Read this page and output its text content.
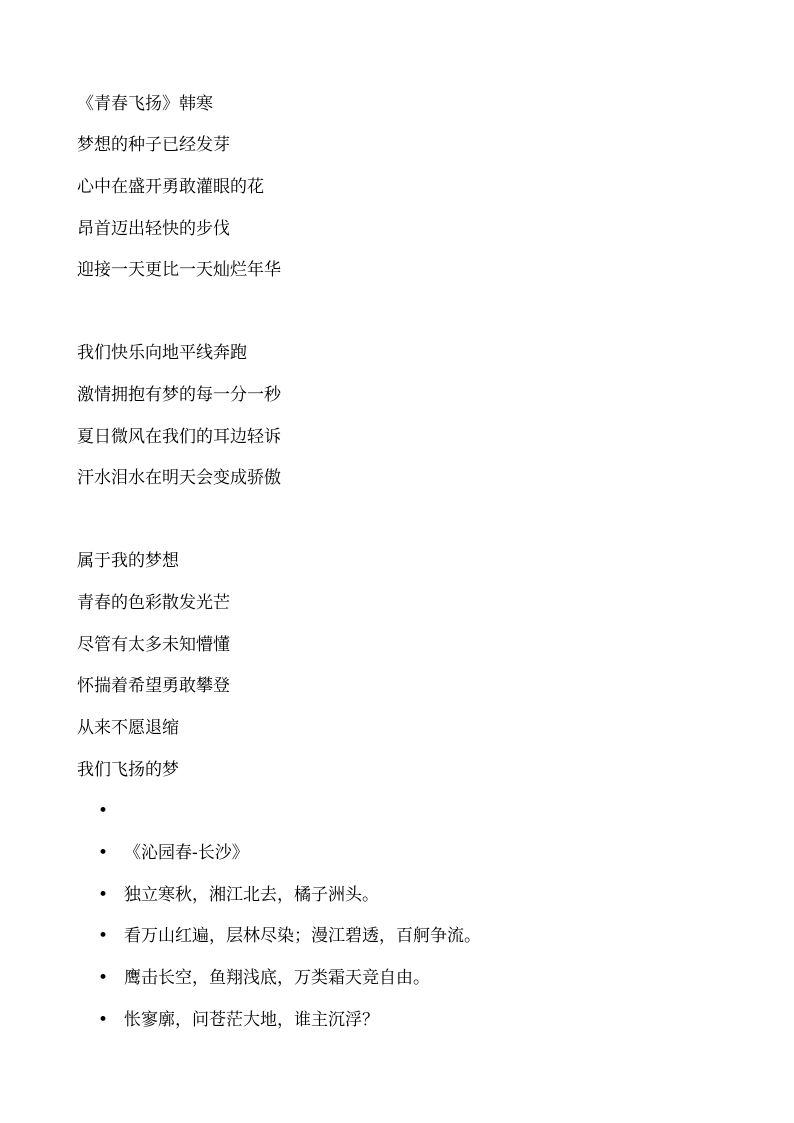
《青春飞扬》韩寒
梦想的种子已经发芽
心中在盛开勇敢灌眼的花
昂首迈出轻快的步伐
迎接一天更比一天灿烂年华
我们快乐向地平线奔跑
激情拥抱有梦的每一分一秒
夏日微风在我们的耳边轻诉
汗水泪水在明天会变成骄傲
属于我的梦想
青春的色彩散发光芒
尽管有太多未知懵懂
怀揣着希望勇敢攀登
从来不愿退缩
我们飞扬的梦
•
• 《沁园春-长沙》
• 独立寒秋，湘江北去，橘子洲头。
• 看万山红遍，层林尽染；漫江碧透，百舸争流。
• 鹰击长空，鱼翔浅底，万类霜天竞自由。
• 怅寥廓，问苍茫大地，谁主沉浮？
